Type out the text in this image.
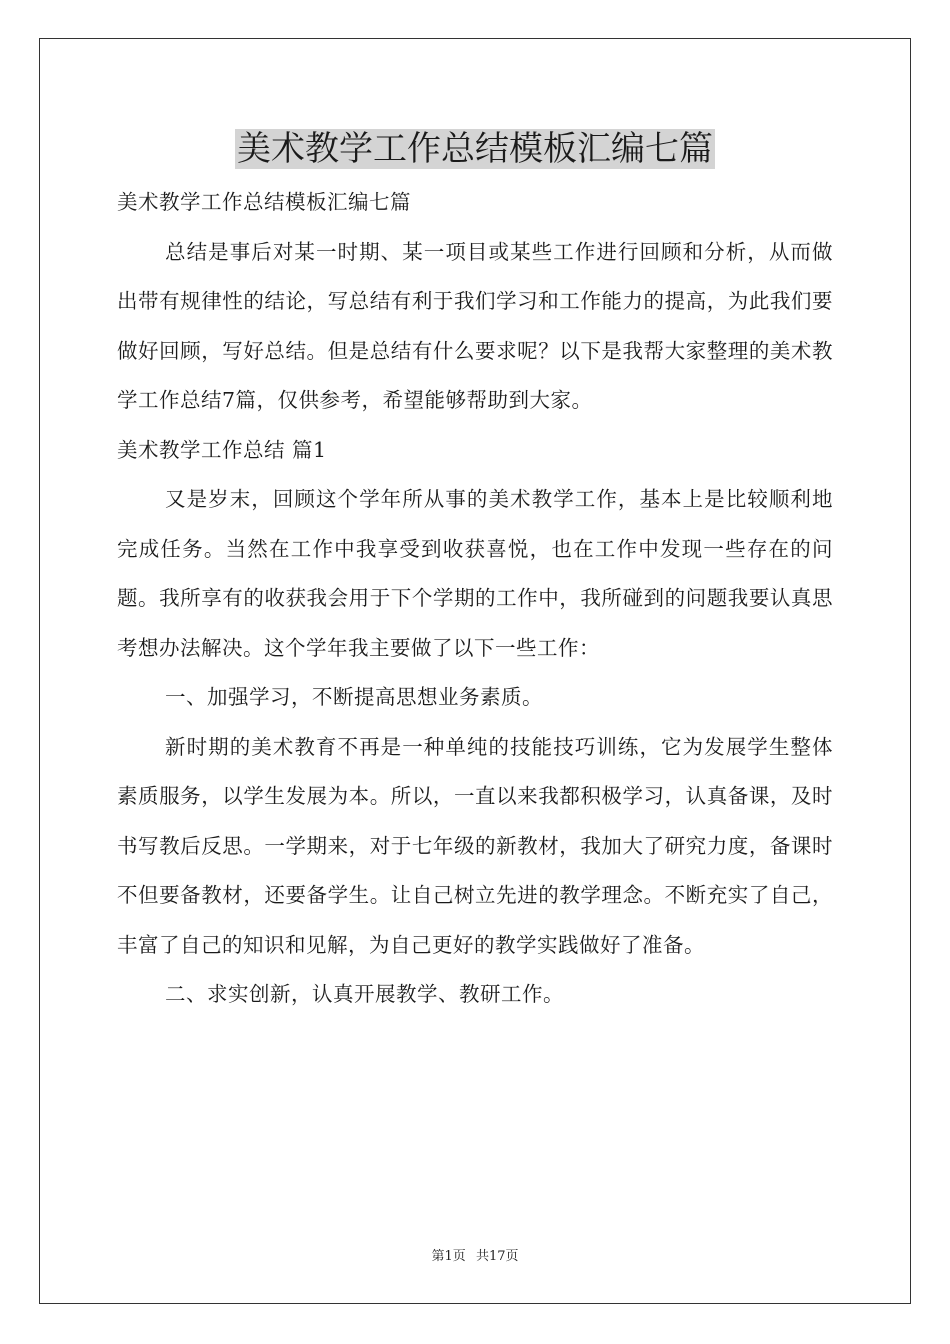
美术教学工作总结模板汇编七篇

美术教学工作总结模板汇编七篇

总结是事后对某一时期、某一项目或某些工作进行回顾和分析，从而做出带有规律性的结论，写总结有利于我们学习和工作能力的提高，为此我们要做好回顾，写好总结。但是总结有什么要求呢？以下是我帮大家整理的美术教学工作总结7篇，仅供参考，希望能够帮助到大家。

美术教学工作总结 篇1

又是岁末，回顾这个学年所从事的美术教学工作，基本上是比较顺利地完成任务。当然在工作中我享受到收获喜悦，也在工作中发现一些存在的问题。我所享有的收获我会用于下个学期的工作中，我所碰到的问题我要认真思考想办法解决。这个学年我主要做了以下一些工作：

一、加强学习，不断提高思想业务素质。

新时期的美术教育不再是一种单纯的技能技巧训练，它为发展学生整体素质服务，以学生发展为本。所以，一直以来我都积极学习，认真备课，及时书写教后反思。一学期来，对于七年级的新教材，我加大了研究力度，备课时不但要备教材，还要备学生。让自己树立先进的教学理念。不断充实了自己，丰富了自己的知识和见解，为自己更好的教学实践做好了准备。

二、求实创新，认真开展教学、教研工作。

第1页 共17页
